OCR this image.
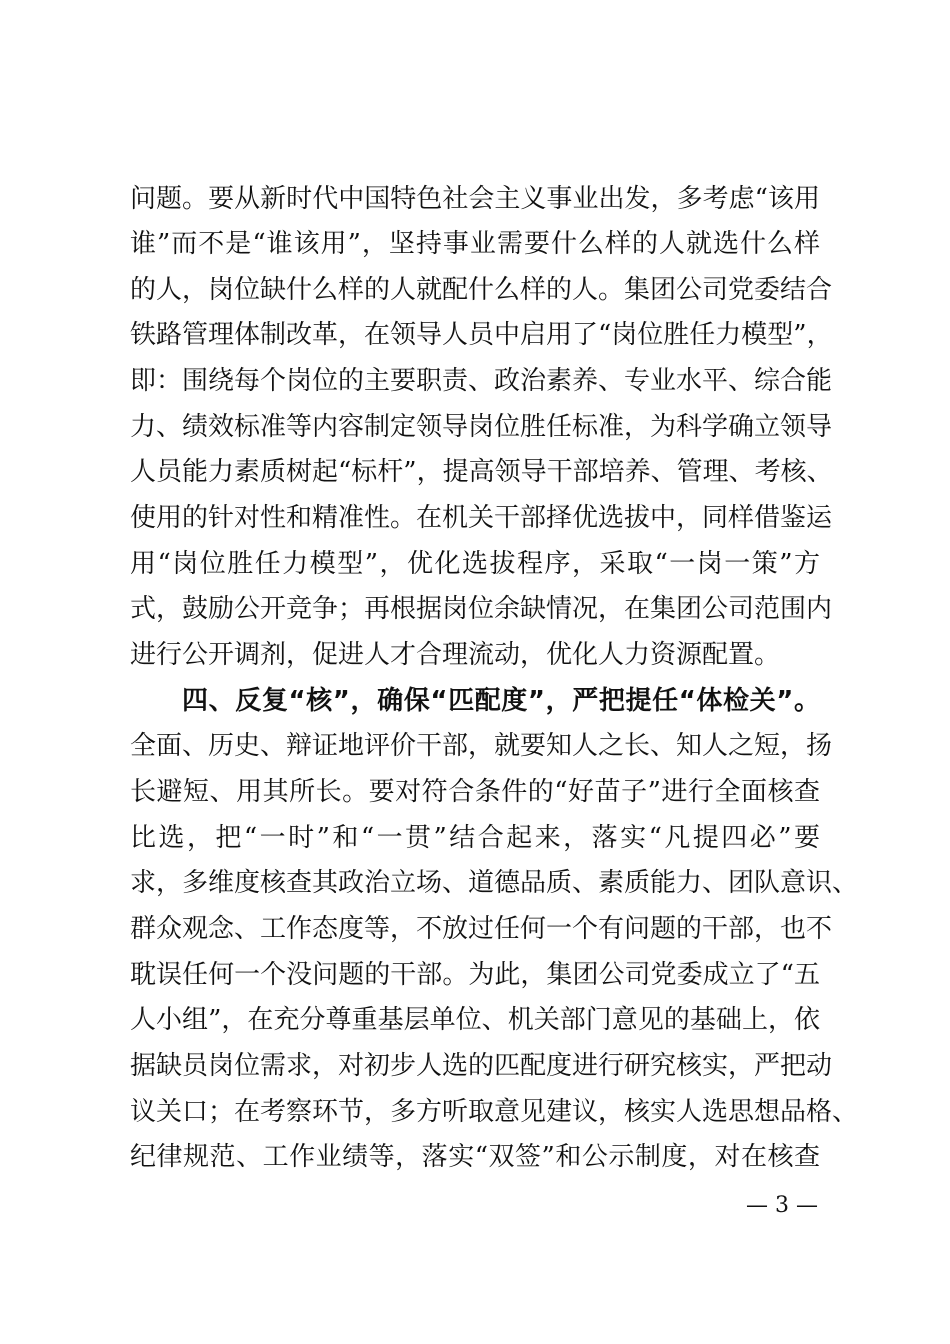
问题。要从新时代中国特色社会主义事业出发，多考虑“该用
谁”而不是“谁该用”，坚持事业需要什么样的人就选什么样
的人，岗位缺什么样的人就配什么样的人。集团公司党委结合
铁路管理体制改革，在领导人员中启用了“岗位胜任力模型”，
即：围绕每个岗位的主要职责、政治素养、专业水平、综合能
力、绩效标准等内容制定领导岗位胜任标准，为科学确立领导
人员能力素质树起“标杆”，提高领导干部培养、管理、考核、
使用的针对性和精准性。在机关干部择优选拔中，同样借鉴运
用“岗位胜任力模型”，优化选拔程序，采取“一岗一策”方
式，鼓励公开竞争；再根据岗位余缺情况，在集团公司范围内
进行公开调剂，促进人才合理流动，优化人力资源配置。
四、反复“核”，确保“匹配度”，严把提任“体检关”。
全面、历史、辩证地评价干部，就要知人之长、知人之短，扬
长避短、用其所长。要对符合条件的“好苗子”进行全面核查
比选，把“一时”和“一贯”结合起来，落实“凡提四必”要
求，多维度核查其政治立场、道德品质、素质能力、团队意识、
群众观念、工作态度等，不放过任何一个有问题的干部，也不
耽误任何一个没问题的干部。为此，集团公司党委成立了“五
人小组”，在充分尊重基层单位、机关部门意见的基础上，依
据缺员岗位需求，对初步人选的匹配度进行研究核实，严把动
议关口；在考察环节，多方听取意见建议，核实人选思想品格、
纪律规范、工作业绩等，落实“双签”和公示制度，对在核查
— 3 —
